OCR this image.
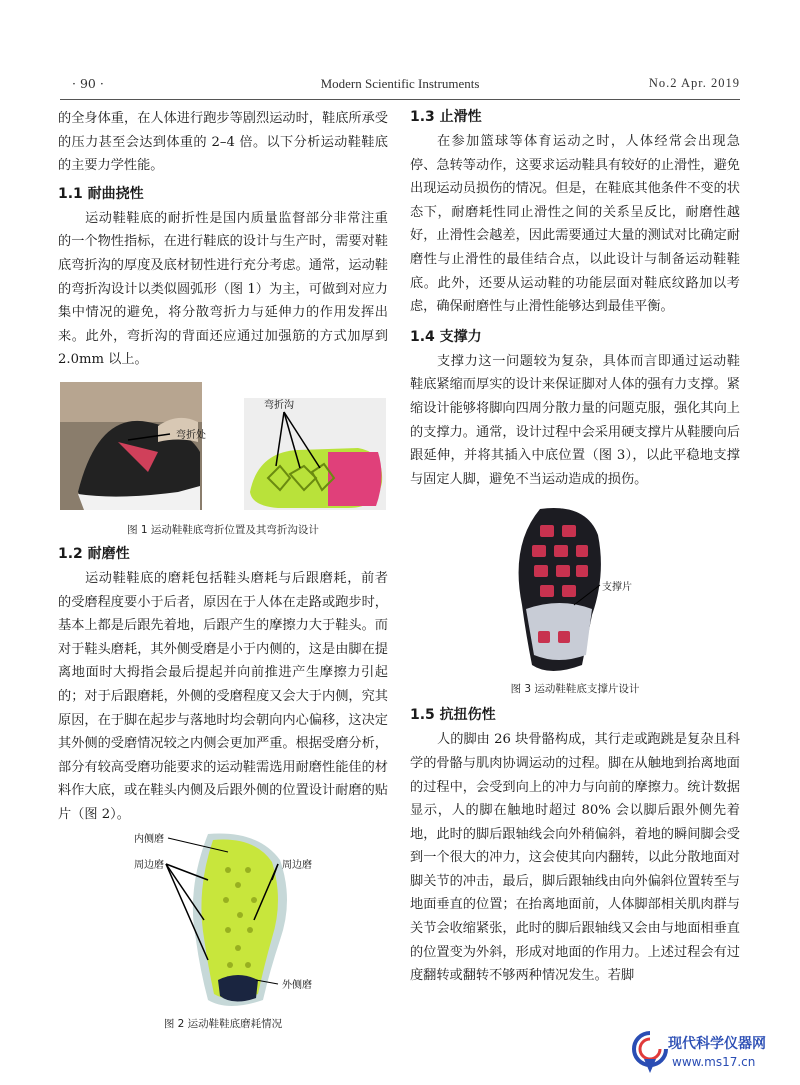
· 90 ·	Modern Scientific Instruments	No.2 Apr. 2019

的全身体重，在人体进行跑步等剧烈运动时，鞋底所承受的压力甚至会达到体重的 2–4 倍。以下分析运动鞋鞋底的主要力学性能。

1.1 耐曲挠性

运动鞋鞋底的耐折性是国内质量监督部分非常注重的一个物性指标，在进行鞋底的设计与生产时，需要对鞋底弯折沟的厚度及底材韧性进行充分考虑。通常，运动鞋的弯折沟设计以类似圆弧形（图 1）为主，可做到对应力集中情况的避免，将分散弯折力与延伸力的作用发挥出来。此外，弯折沟的背面还应通过加强筋的方式加厚到 2.0mm 以上。

弯折处
弯折沟
图 1 运动鞋鞋底弯折位置及其弯折沟设计
1.2 耐磨性

运动鞋鞋底的磨耗包括鞋头磨耗与后跟磨耗，前者的受磨程度要小于后者，原因在于人体在走路或跑步时，基本上都是后跟先着地，后跟产生的摩擦力大于鞋头。而对于鞋头磨耗，其外侧受磨是小于内侧的，这是由脚在提离地面时大拇指会最后提起并向前推进产生摩擦力引起的；对于后跟磨耗，外侧的受磨程度又会大于内侧，究其原因，在于脚在起步与落地时均会朝向内心偏移，这决定其外侧的受磨情况较之内侧会更加严重。根据受磨分析，部分有较高受磨功能要求的运动鞋需选用耐磨性能佳的材料作大底，或在鞋头内侧及后跟外侧的位置设计耐磨的贴片（图 2）。

内侧磨
周边磨	周边磨
外侧磨
图 2 运动鞋鞋底磨耗情况
1.3 止滑性

在参加篮球等体育运动之时，人体经常会出现急停、急转等动作，这要求运动鞋具有较好的止滑性，避免出现运动员损伤的情况。但是，在鞋底其他条件不变的状态下，耐磨耗性同止滑性之间的关系呈反比，耐磨性越好，止滑性会越差，因此需要通过大量的测试对比确定耐磨性与止滑性的最佳结合点，以此设计与制备运动鞋鞋底。此外，还要从运动鞋的功能层面对鞋底纹路加以考虑，确保耐磨性与止滑性能够达到最佳平衡。

1.4 支撑力

支撑力这一问题较为复杂，具体而言即通过运动鞋鞋底紧缩而厚实的设计来保证脚对人体的强有力支撑。紧缩设计能够将脚向四周分散力量的问题克服，强化其向上的支撑力。通常，设计过程中会采用硬支撑片从鞋腰向后跟延伸，并将其插入中底位置（图 3），以此平稳地支撑与固定人脚，避免不当运动造成的损伤。

支撑片
图 3 运动鞋鞋底支撑片设计
1.5 抗扭伤性

人的脚由 26 块骨骼构成，其行走或跑跳是复杂且科学的骨骼与肌肉协调运动的过程。脚在从触地到抬离地面的过程中，会受到向上的冲力与向前的摩擦力。统计数据显示，人的脚在触地时超过 80% 会以脚后跟外侧先着地，此时的脚后跟轴线会向外稍偏斜，着地的瞬间脚会受到一个很大的冲力，这会使其向内翻转，以此分散地面对脚关节的冲击，最后，脚后跟轴线由向外偏斜位置转至与地面垂直的位置；在抬离地面前，人体脚部相关肌肉群与关节会收缩紧张，此时的脚后跟轴线又会由与地面相垂直的位置变为外斜，形成对地面的作用力。上述过程会有过度翻转或翻转不够两种情况发生。若脚

现代科学仪器网
www.ms17.cn
